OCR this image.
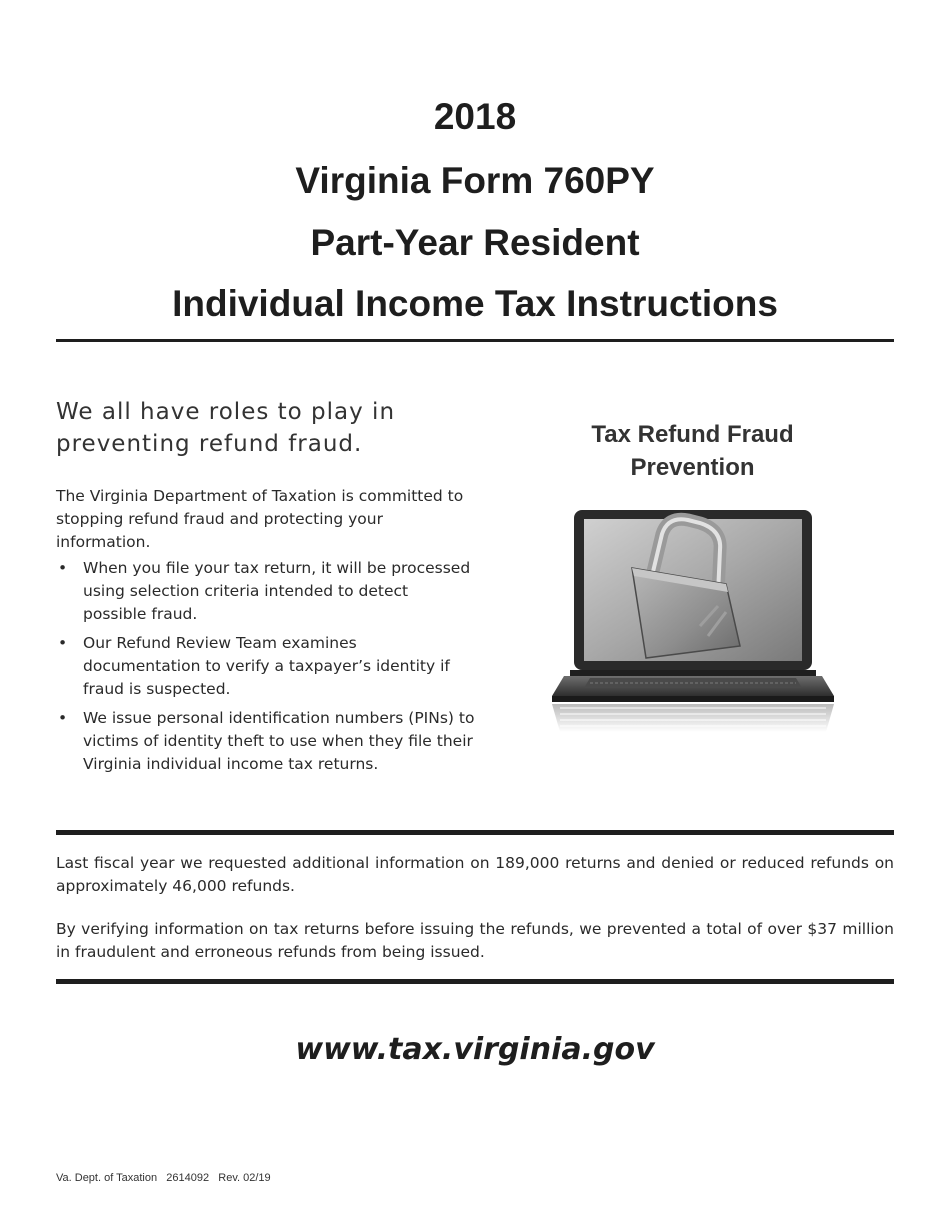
2018
Virginia Form 760PY
Part-Year Resident
Individual Income Tax Instructions
We all have roles to play in preventing refund fraud.
The Virginia Department of Taxation is committed to stopping refund fraud and protecting your information.
• When you file your tax return, it will be processed using selection criteria intended to detect possible fraud.
• Our Refund Review Team examines documentation to verify a taxpayer’s identity if fraud is suspected.
• We issue personal identification numbers (PINs) to victims of identity theft to use when they file their Virginia individual income tax returns.
Tax Refund Fraud
Prevention
Last fiscal year we requested additional information on 189,000 returns and denied or reduced refunds on approximately 46,000 refunds.
By verifying information on tax returns before issuing the refunds, we prevented a total of over $37 million in fraudulent and erroneous refunds from being issued.
www.tax.virginia.gov
Va. Dept. of Taxation   2614092   Rev. 02/19
